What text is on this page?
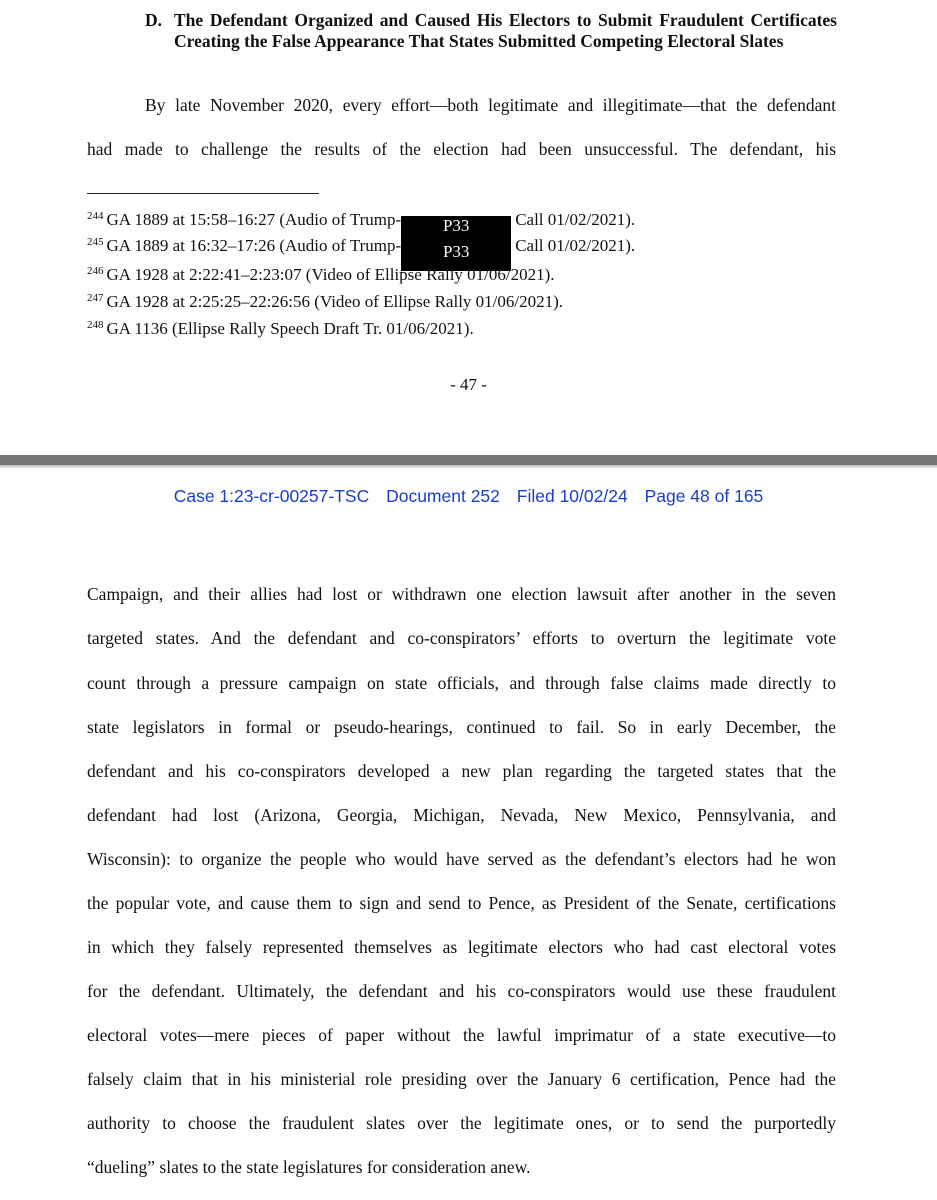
D. The Defendant Organized and Caused His Electors to Submit Fraudulent Certificates Creating the False Appearance That States Submitted Competing Electoral Slates
By late November 2020, every effort—both legitimate and illegitimate—that the defendant
had made to challenge the results of the election had been unsuccessful. The defendant, his
$^{244}$ GA 1889 at 15:58–16:27 (Audio of Trump- P33	Call 01/02/2021).
$^{245}$ GA 1889 at 16:32–17:26 (Audio of Trump- P33	Call 01/02/2021).
$^{246}$ GA 1928 at 2:22:41–2:23:07 (Video of Ellipse Rally 01/06/2021).
$^{247}$ GA 1928 at 2:25:25–22:26:56 (Video of Ellipse Rally 01/06/2021).
$^{248}$ GA 1136 (Ellipse Rally Speech Draft Tr. 01/06/2021).
- 47 -
Case 1:23-cr-00257-TSC Document 252 Filed 10/02/24 Page 48 of 165
Campaign, and their allies had lost or withdrawn one election lawsuit after another in the seven
targeted states. And the defendant and co-conspirators’ efforts to overturn the legitimate vote
count through a pressure campaign on state officials, and through false claims made directly to
state legislators in formal or pseudo-hearings, continued to fail. So in early December, the
defendant and his co-conspirators developed a new plan regarding the targeted states that the
defendant had lost (Arizona, Georgia, Michigan, Nevada, New Mexico, Pennsylvania, and
Wisconsin): to organize the people who would have served as the defendant’s electors had he won
the popular vote, and cause them to sign and send to Pence, as President of the Senate, certifications
in which they falsely represented themselves as legitimate electors who had cast electoral votes
for the defendant. Ultimately, the defendant and his co-conspirators would use these fraudulent
electoral votes—mere pieces of paper without the lawful imprimatur of a state executive—to
falsely claim that in his ministerial role presiding over the January 6 certification, Pence had the
authority to choose the fraudulent slates over the legitimate ones, or to send the purportedly
“dueling” slates to the state legislatures for consideration anew.
